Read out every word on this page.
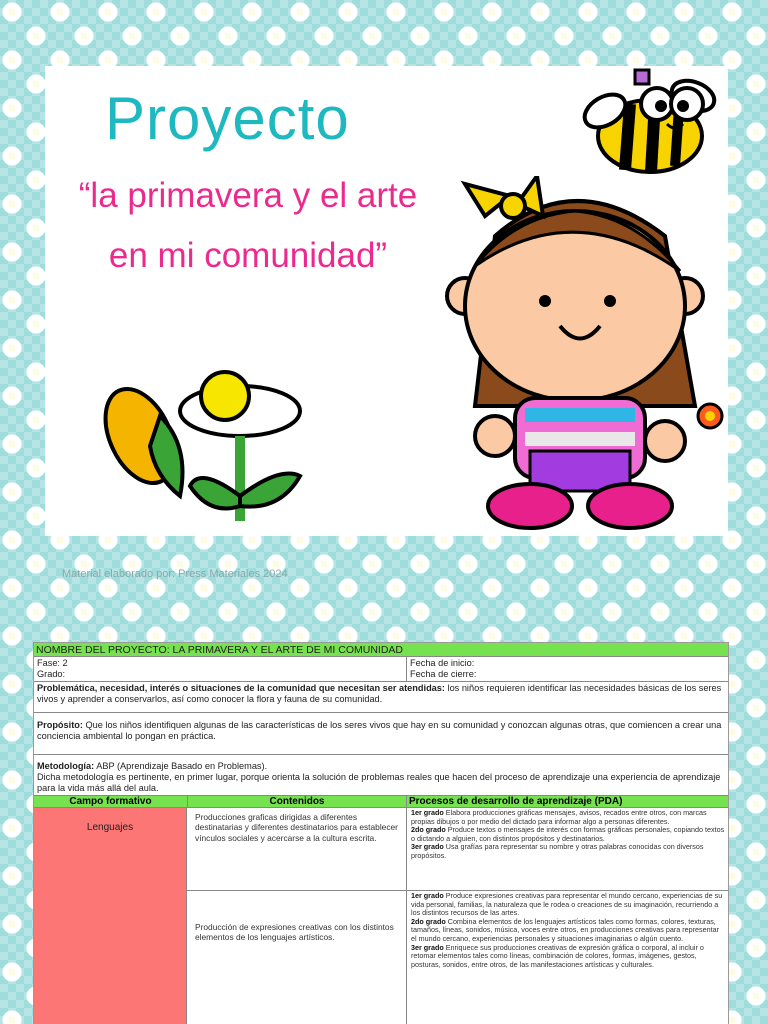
Proyecto
“la primavera y el arte en mi comunidad”
Material elaborado por: Press Materiales 2024
NOMBRE DEL PROYECTO: LA PRIMAVERA Y EL ARTE DE MI COMUNIDAD
Fase: 2
Grado:
Fecha de inicio:
Fecha de cierre:
Problemática, necesidad, interés o situaciones de la comunidad que necesitan ser atendidas: los niños requieren identificar las necesidades básicas de los seres vivos y aprender a conservarlos, así como conocer la flora y fauna de su comunidad.
Propósito: Que los niños identifiquen algunas de las características de los seres vivos que hay en su comunidad y conozcan algunas otras, que comiencen a crear una conciencia ambiental lo pongan en práctica.
Metodología: ABP (Aprendizaje Basado en Problemas).
Dicha metodología es pertinente, en primer lugar, porque orienta la solución de problemas reales que hacen del proceso de aprendizaje una experiencia de aprendizaje para la vida más allá del aula.
Campo formativo	Contenidos	Procesos de desarrollo de aprendizaje (PDA)
Lenguajes
Producciones graficas dirigidas a diferentes destinatarias y diferentes destinatarios para establecer vínculos sociales y acercarse a la cultura escrita.
Producción de expresiones creativas con los distintos elementos de los lenguajes artísticos.
1er grado Elabora producciones gráficas mensajes, avisos, recados entre otros, con marcas propias dibujos o por medio del dictado para informar algo a personas diferentes.
2do grado Produce textos o mensajes de interés con formas gráficas personales, copiando textos o dictando a alguien, con distintos propósitos y destinatarios.
3er grado Usa grafías para representar su nombre y otras palabras conocidas con diversos propósitos.
1er grado Produce expresiones creativas para representar el mundo cercano, experiencias de su vida personal, familias, la naturaleza que le rodea o creaciones de su imaginación, recurriendo a los distintos recursos de las artes.
2do grado Combina elementos de los lenguajes artísticos tales como formas, colores, texturas, tamaños, líneas, sonidos, música, voces entre otros, en producciones creativas para representar el mundo cercano, experiencias personales y situaciones imaginarias o algún cuento.
3er grado Enriquece sus producciones creativas de expresión gráfica o corporal, al incluir o retomar elementos tales como líneas, combinación de colores, formas, imágenes, gestos, posturas, sonidos, entre otros, de las manifestaciones artísticas y culturales.
